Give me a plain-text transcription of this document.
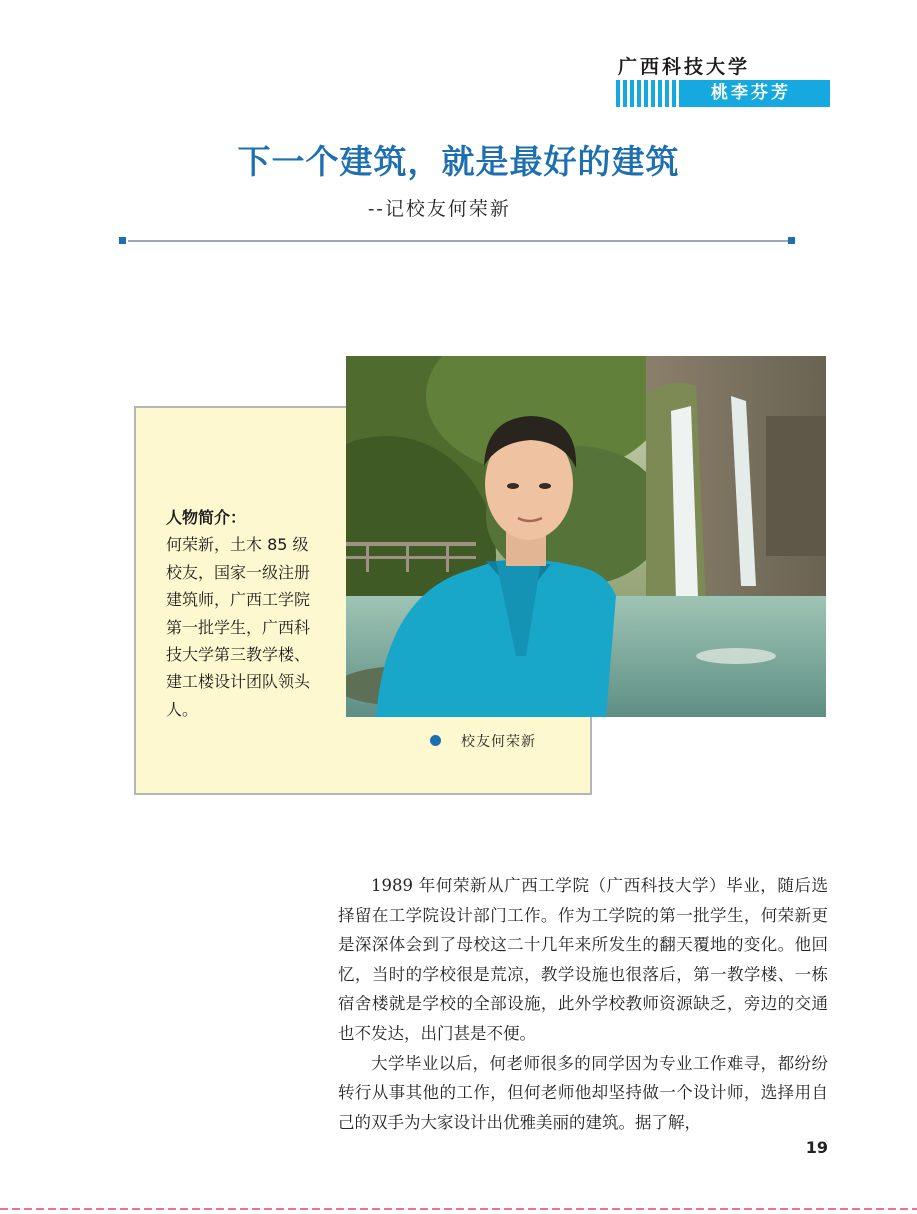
广西科技大学
桃李芬芳
下一个建筑，就是最好的建筑
--记校友何荣新
人物简介：
何荣新，土木 85 级校友，国家一级注册建筑师，广西工学院第一批学生，广西科技大学第三教学楼、建工楼设计团队领头人。
校友何荣新

1989 年何荣新从广西工学院（广西科技大学）毕业，随后选择留在工学院设计部门工作。作为工学院的第一批学生，何荣新更是深深体会到了母校这二十几年来所发生的翻天覆地的变化。他回忆，当时的学校很是荒凉，教学设施也很落后，第一教学楼、一栋宿舍楼就是学校的全部设施，此外学校教师资源缺乏，旁边的交通也不发达，出门甚是不便。

大学毕业以后，何老师很多的同学因为专业工作难寻，都纷纷转行从事其他的工作，但何老师他却坚持做一个设计师，选择用自己的双手为大家设计出优雅美丽的建筑。据了解，

19
